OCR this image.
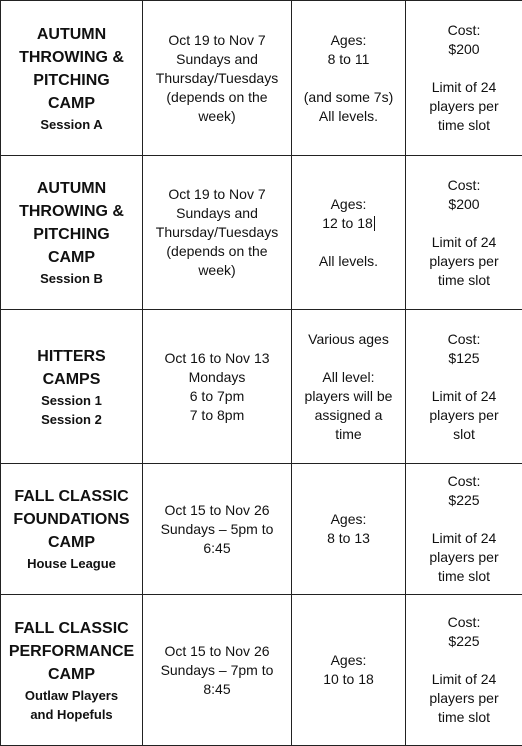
AUTUMN
THROWING &
PITCHING
CAMP
Session A	Oct 19 to Nov 7
Sundays and
Thursday/Tuesdays
(depends on the
week)	Ages:
8 to 11
(and some 7s)
All levels.	Cost:
$200
Limit of 24
players per
time slot

AUTUMN
THROWING &
PITCHING
CAMP
Session B	Oct 19 to Nov 7
Sundays and
Thursday/Tuesdays
(depends on the
week)	Ages:
12 to 18
All levels.	Cost:
$200
Limit of 24
players per
time slot

HITTERS
CAMPS
Session 1
Session 2	Oct 16 to Nov 13
Mondays
6 to 7pm
7 to 8pm	Various ages
All level:
players will be
assigned a
time	Cost:
$125
Limit of 24
players per
slot

FALL CLASSIC
FOUNDATIONS
CAMP
House League	Oct 15 to Nov 26
Sundays – 5pm to
6:45	Ages:
8 to 13	Cost:
$225
Limit of 24
players per
time slot

FALL CLASSIC
PERFORMANCE
CAMP
Outlaw Players
and Hopefuls	Oct 15 to Nov 26
Sundays – 7pm to
8:45	Ages:
10 to 18	Cost:
$225
Limit of 24
players per
time slot
